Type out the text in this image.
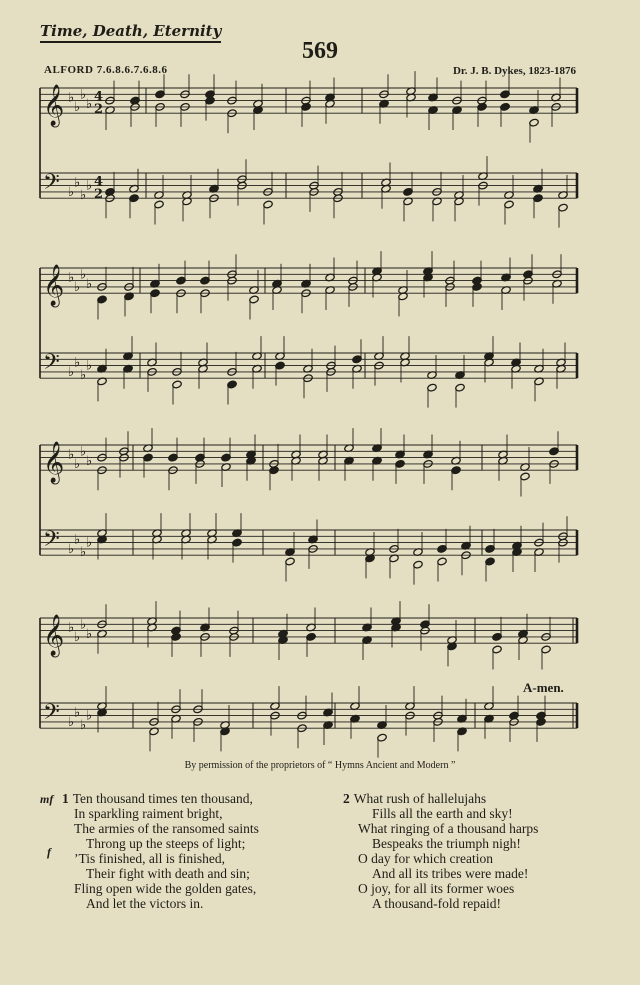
Time, Death, Eternity
569
ALFORD 7.6.8.6.7.6.8.6	Dr. J. B. Dykes, 1823-1876
𝄞 ♭
♭
♭
♭ 4
2
𝄢 ♭
♭
♭
♭ 4
2
𝄞 ♭
♭
♭
♭
𝄢 ♭
♭
♭
♭
𝄞 ♭
♭
♭
♭
𝄢 ♭
♭
♭
♭
𝄞 ♭
♭
♭
♭
𝄢 ♭
♭
♭
♭
A-men.
By permission of the proprietors of “ Hymns Ancient and Modern ”
mf
f
1 Ten thousand times ten thousand,
In sparkling raiment bright,
The armies of the ransomed saints
Throng up the steeps of light;
’Tis finished, all is finished,
Their fight with death and sin;
Fling open wide the golden gates,
And let the victors in.
2 What rush of hallelujahs
Fills all the earth and sky!
What ringing of a thousand harps
Bespeaks the triumph nigh!
O day for which creation
And all its tribes were made!
O joy, for all its former woes
A thousand-fold repaid!
